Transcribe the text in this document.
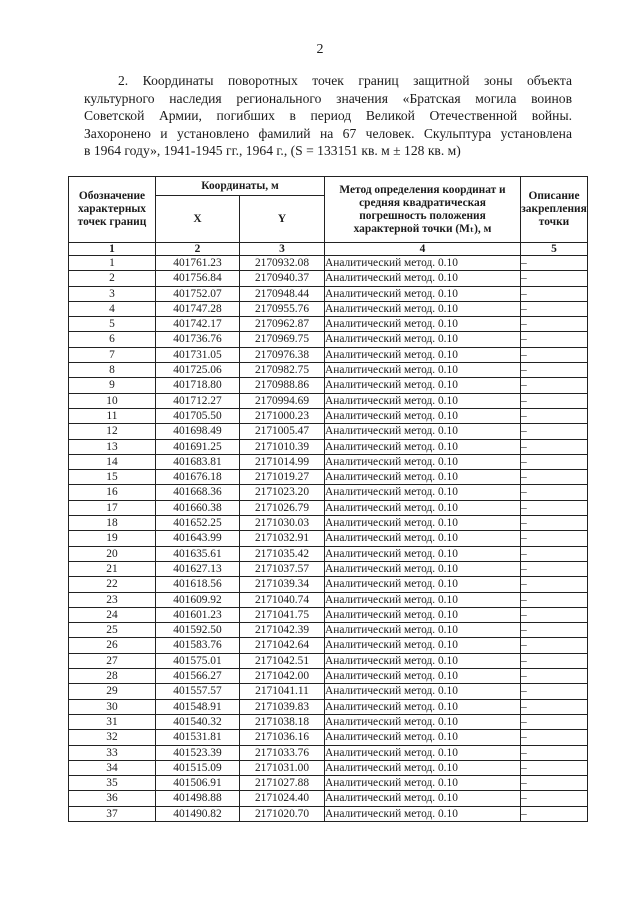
2

2. Координаты поворотных точек границ защитной зоны объекта
культурного наследия регионального значения «Братская могила воинов
Советской Армии, погибших в период Великой Отечественной войны.
Захоронено и установлено фамилий на 67 человек. Скульптура установлена
в 1964 году», 1941-1945 гг., 1964 г., (S = 133151 кв. м ± 128 кв. м)

Обозначение характерных точек границ	Координаты, м		Метод определения координат и средняя квадратическая погрешность положения характерной точки (Mₜ), м	Описание закрепления точки
	X	Y		
1	2	3	4	5
1	401761.23	2170932.08	Аналитический метод. 0.10	–
2	401756.84	2170940.37	Аналитический метод. 0.10	–
3	401752.07	2170948.44	Аналитический метод. 0.10	–
4	401747.28	2170955.76	Аналитический метод. 0.10	–
5	401742.17	2170962.87	Аналитический метод. 0.10	–
6	401736.76	2170969.75	Аналитический метод. 0.10	–
7	401731.05	2170976.38	Аналитический метод. 0.10	–
8	401725.06	2170982.75	Аналитический метод. 0.10	–
9	401718.80	2170988.86	Аналитический метод. 0.10	–
10	401712.27	2170994.69	Аналитический метод. 0.10	–
11	401705.50	2171000.23	Аналитический метод. 0.10	–
12	401698.49	2171005.47	Аналитический метод. 0.10	–
13	401691.25	2171010.39	Аналитический метод. 0.10	–
14	401683.81	2171014.99	Аналитический метод. 0.10	–
15	401676.18	2171019.27	Аналитический метод. 0.10	–
16	401668.36	2171023.20	Аналитический метод. 0.10	–
17	401660.38	2171026.79	Аналитический метод. 0.10	–
18	401652.25	2171030.03	Аналитический метод. 0.10	–
19	401643.99	2171032.91	Аналитический метод. 0.10	–
20	401635.61	2171035.42	Аналитический метод. 0.10	–
21	401627.13	2171037.57	Аналитический метод. 0.10	–
22	401618.56	2171039.34	Аналитический метод. 0.10	–
23	401609.92	2171040.74	Аналитический метод. 0.10	–
24	401601.23	2171041.75	Аналитический метод. 0.10	–
25	401592.50	2171042.39	Аналитический метод. 0.10	–
26	401583.76	2171042.64	Аналитический метод. 0.10	–
27	401575.01	2171042.51	Аналитический метод. 0.10	–
28	401566.27	2171042.00	Аналитический метод. 0.10	–
29	401557.57	2171041.11	Аналитический метод. 0.10	–
30	401548.91	2171039.83	Аналитический метод. 0.10	–
31	401540.32	2171038.18	Аналитический метод. 0.10	–
32	401531.81	2171036.16	Аналитический метод. 0.10	–
33	401523.39	2171033.76	Аналитический метод. 0.10	–
34	401515.09	2171031.00	Аналитический метод. 0.10	–
35	401506.91	2171027.88	Аналитический метод. 0.10	–
36	401498.88	2171024.40	Аналитический метод. 0.10	–
37	401490.82	2171020.70	Аналитический метод. 0.10	–
